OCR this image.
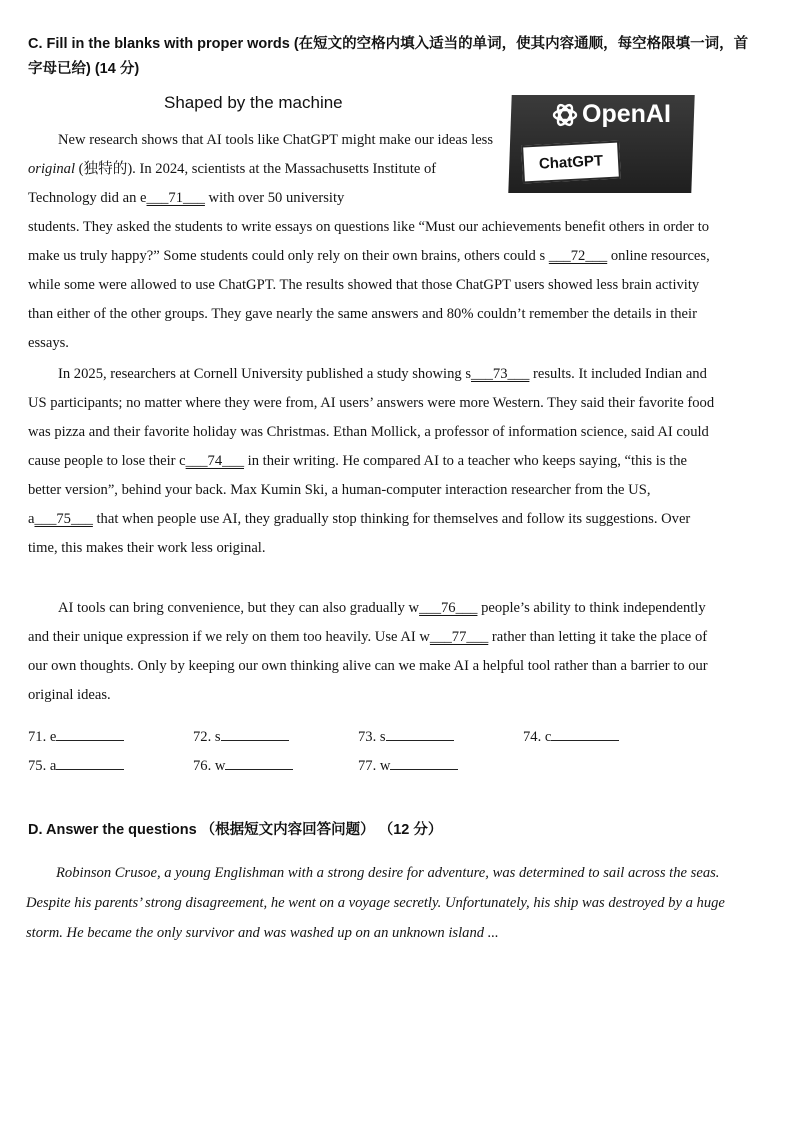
C. Fill in the blanks with proper words (在短文的空格内填入适当的单词，使其内容通顺，每空格限填一词，首字母已给) (14 分)
Shaped by the machine	OpenAI
ChatGPT
New research shows that AI tools like ChatGPT might make our ideas less original (独特的). In 2024, scientists at the Massachusetts Institute of Technology did an e___71___ with over 50 university
students. They asked the students to write essays on questions like “Must our achievements benefit others in order to make us truly happy?” Some students could only rely on their own brains, others could s ___72___ online resources, while some were allowed to use ChatGPT. The results showed that those ChatGPT users showed less brain activity than either of the other groups. They gave nearly the same answers and 80% couldn’t remember the details in their essays.
In 2025, researchers at Cornell University published a study showing s___73___ results. It included Indian and US participants; no matter where they were from, AI users’ answers were more Western. They said their favorite food was pizza and their favorite holiday was Christmas. Ethan Mollick, a professor of information science, said AI could cause people to lose their c___74___ in their writing. He compared AI to a teacher who keeps saying, “this is the better version”, behind your back. Max Kumin Ski, a human-computer interaction researcher from the US, a___75___ that when people use AI, they gradually stop thinking for themselves and follow its suggestions. Over time, this makes their work less original.
AI tools can bring convenience, but they can also gradually w___76___ people’s ability to think independently and their unique expression if we rely on them too heavily. Use AI w___77___ rather than letting it take the place of our own thoughts. Only by keeping our own thinking alive can we make AI a helpful tool rather than a barrier to our original ideas.
71. e	72. s	73. s	74. c
75. a	76. w	77. w
D. Answer the questions （根据短文内容回答问题） （12 分）
Robinson Crusoe, a young Englishman with a strong desire for adventure, was determined to sail across the seas. Despite his parents’ strong disagreement, he went on a voyage secretly. Unfortunately, his ship was destroyed by a huge storm. He became the only survivor and was washed up on an unknown island ...
